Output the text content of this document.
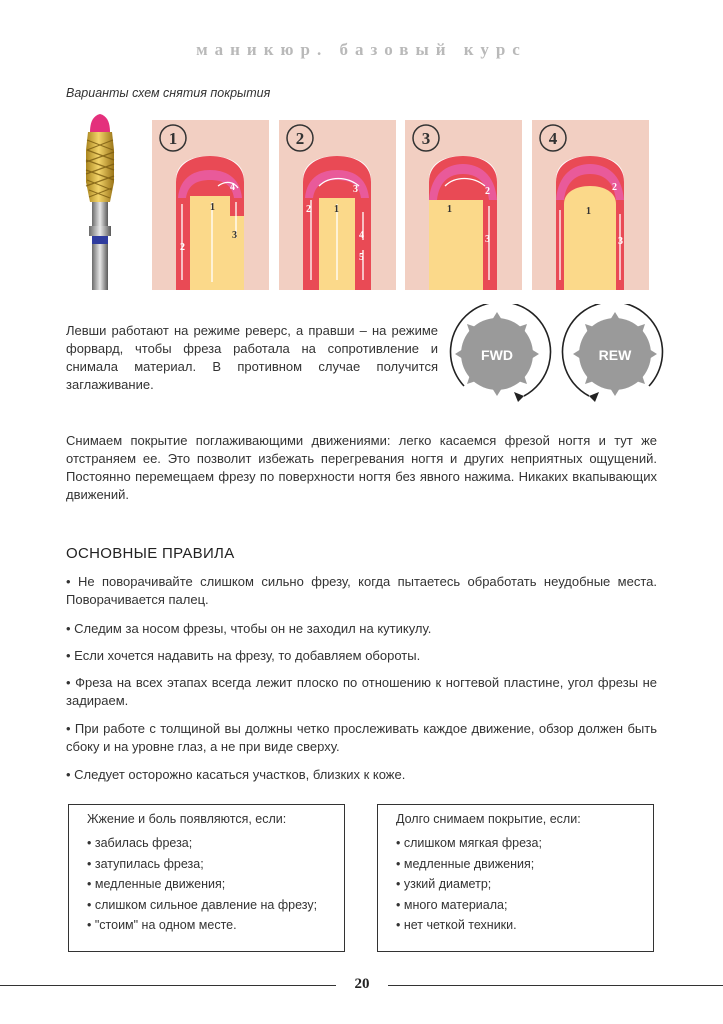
маникюр. базовый курс
Варианты схем снятия покрытия
1
1
2
3
4
2
1
2
3
4
5
3
1
2
3
4
1
2
3

Левши работают на режиме реверс, а правши – на режиме форвард, чтобы фреза работала на сопротивление и снимала материал. В противном случае получится заглаживание.

FWD	REW

Снимаем покрытие поглаживающими движениями: легко касаемся фрезой ногтя и тут же отстраняем ее. Это позволит избежать перегревания ногтя и других неприятных ощущений. Постоянно перемещаем фрезу по поверхности ногтя без явного нажима. Никаких вкапывающих движений.

ОСНОВНЫЕ ПРАВИЛА

• Не поворачивайте слишком сильно фрезу, когда пытаетесь обработать неудобные места. Поворачивается палец.

• Следим за носом фрезы, чтобы он не заходил на кутикулу.

• Если хочется надавить на фрезу, то добавляем обороты.

• Фреза на всех этапах всегда лежит плоско по отношению к ногтевой пластине, угол фрезы не задираем.

• При работе с толщиной вы должны четко прослеживать каждое движение, обзор должен быть сбоку и на уровне глаз, а не при виде сверху.

• Следует осторожно касаться участков, близких к коже.

Жжение и боль появляются, если:
• забилась фреза;
• затупилась фреза;
• медленные движения;
• слишком сильное давление на фрезу;
• "стоим" на одном месте.
Долго снимаем покрытие, если:
• слишком мягкая фреза;
• медленные движения;
• узкий диаметр;
• много материала;
• нет четкой техники.
20
